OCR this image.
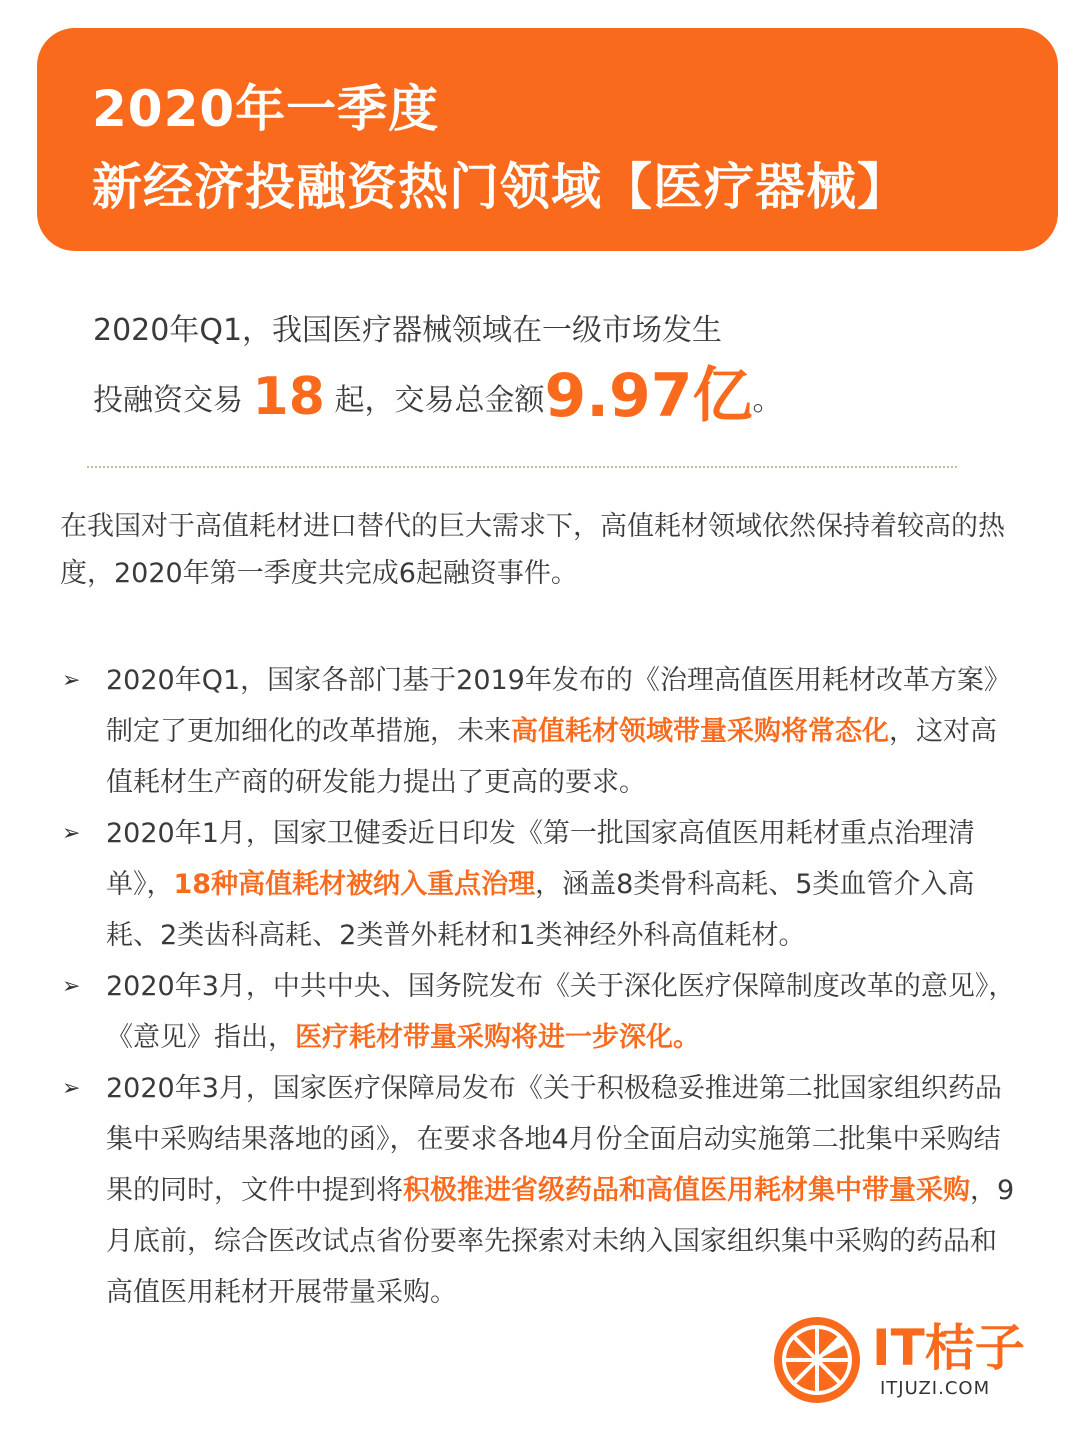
2020年一季度
新经济投融资热门领域【医疗器械】
2020年Q1，我国医疗器械领域在一级市场发生
投融资交易 18 起，交易总金额9.97亿。
在我国对于高值耗材进口替代的巨大需求下，高值耗材领域依然保持着较高的热度，2020年第一季度共完成6起融资事件。
➢ 2020年Q1，国家各部门基于2019年发布的《治理高值医用耗材改革方案》制定了更加细化的改革措施，未来高值耗材领域带量采购将常态化，这对高值耗材生产商的研发能力提出了更高的要求。
➢ 2020年1月，国家卫健委近日印发《第一批国家高值医用耗材重点治理清单》，18种高值耗材被纳入重点治理，涵盖8类骨科高耗、5类血管介入高耗、2类齿科高耗、2类普外耗材和1类神经外科高值耗材。
➢ 2020年3月，中共中央、国务院发布《关于深化医疗保障制度改革的意见》，《意见》指出，医疗耗材带量采购将进一步深化。
➢ 2020年3月，国家医疗保障局发布《关于积极稳妥推进第二批国家组织药品集中采购结果落地的函》，在要求各地4月份全面启动实施第二批集中采购结果的同时，文件中提到将积极推进省级药品和高值医用耗材集中带量采购，9月底前，综合医改试点省份要率先探索对未纳入国家组织集中采购的药品和高值医用耗材开展带量采购。
IT桔子
ITJUZI.COM
